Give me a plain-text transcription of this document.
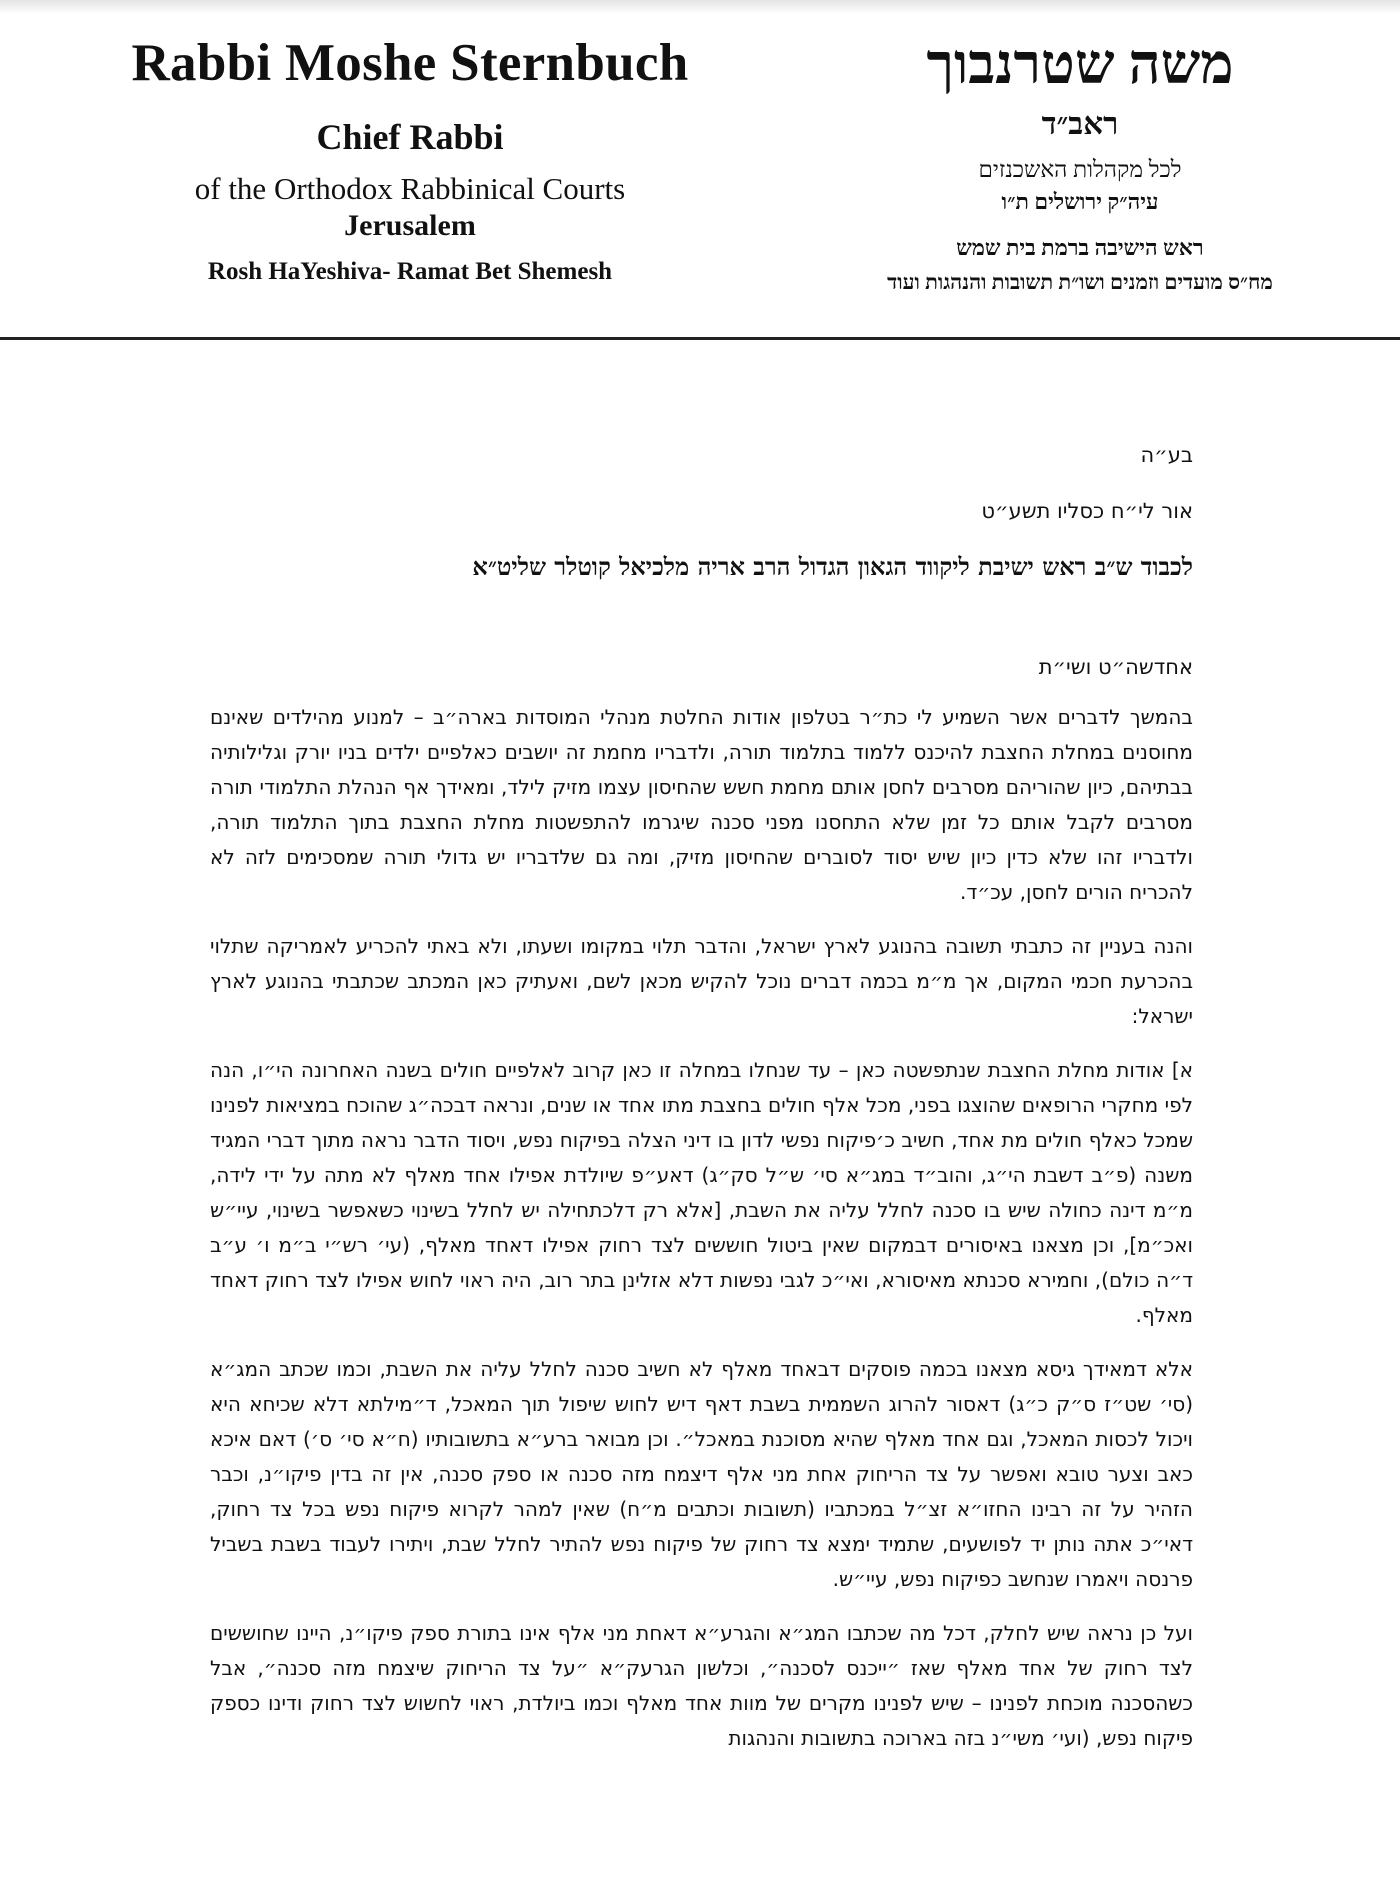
Rabbi Moshe Sternbuch
Chief Rabbi
of the Orthodox Rabbinical Courts
Jerusalem
Rosh HaYeshiva- Ramat Bet Shemesh
משה שטרנבוך
ראב״ד
לכל מקהלות האשכנזים
עיה״ק ירושלים ת״ו
ראש הישיבה ברמת בית שמש
מח״ס מועדים וזמנים ושו״ת תשובות והנהגות ועוד
בע״ה
אור לי״ח כסליו תשע״ט
לכבוד ש״ב ראש ישיבת ליקווד הגאון הגדול הרב אריה מלכיאל קוטלר שליט״א
אחדשה״ט ושי״ת

בהמשך לדברים אשר השמיע לי כת״ר בטלפון אודות החלטת מנהלי המוסדות בארה״ב – למנוע מהילדים שאינם מחוסנים במחלת החצבת להיכנס ללמוד בתלמוד תורה, ולדבריו מחמת זה יושבים כאלפיים ילדים בניו יורק וגלילותיה בבתיהם, כיון שהוריהם מסרבים לחסן אותם מחמת חשש שהחיסון עצמו מזיק לילד, ומאידך אף הנהלת התלמודי תורה מסרבים לקבל אותם כל זמן שלא התחסנו מפני סכנה שיגרמו להתפשטות מחלת החצבת בתוך התלמוד תורה, ולדבריו זהו שלא כדין כיון שיש יסוד לסוברים שהחיסון מזיק, ומה גם שלדבריו יש גדולי תורה שמסכימים לזה לא להכריח הורים לחסן, עכ״ד.

והנה בעניין זה כתבתי תשובה בהנוגע לארץ ישראל, והדבר תלוי במקומו ושעתו, ולא באתי להכריע לאמריקה שתלוי בהכרעת חכמי המקום, אך מ״מ בכמה דברים נוכל להקיש מכאן לשם, ואעתיק כאן המכתב שכתבתי בהנוגע לארץ ישראל:

א] אודות מחלת החצבת שנתפשטה כאן – עד שנחלו במחלה זו כאן קרוב לאלפיים חולים בשנה האחרונה הי״ו, הנה לפי מחקרי הרופאים שהוצגו בפני, מכל אלף חולים בחצבת מתו אחד או שנים, ונראה דבכה״ג שהוכח במציאות לפנינו שמכל כאלף חולים מת אחד, חשיב כ׳פיקוח נפשי לדון בו דיני הצלה בפיקוח נפש, ויסוד הדבר נראה מתוך דברי המגיד משנה (פ״ב דשבת הי״ג, והוב״ד במג״א סי׳ ש״ל סק״ג) דאע״פ שיולדת אפילו אחד מאלף לא מתה על ידי לידה, מ״מ דינה כחולה שיש בו סכנה לחלל עליה את השבת, [אלא רק דלכתחילה יש לחלל בשינוי כשאפשר בשינוי, עיי״ש ואכ״מ], וכן מצאנו באיסורים דבמקום שאין ביטול חוששים לצד רחוק אפילו דאחד מאלף, (עי׳ רש״י ב״מ ו׳ ע״ב ד״ה כולם), וחמירא סכנתא מאיסורא, ואי״כ לגבי נפשות דלא אזלינן בתר רוב, היה ראוי לחוש אפילו לצד רחוק דאחד מאלף.

אלא דמאידך גיסא מצאנו בכמה פוסקים דבאחד מאלף לא חשיב סכנה לחלל עליה את השבת, וכמו שכתב המג״א (סי׳ שט״ז ס״ק כ״ג) דאסור להרוג השממית בשבת דאף דיש לחוש שיפול תוך המאכל, ד״מילתא דלא שכיחא היא ויכול לכסות המאכל, וגם אחד מאלף שהיא מסוכנת במאכל״. וכן מבואר ברע״א בתשובותיו (ח״א סי׳ ס׳) דאם איכא כאב וצער טובא ואפשר על צד הריחוק אחת מני אלף דיצמח מזה סכנה או ספק סכנה, אין זה בדין פיקו״נ, וכבר הזהיר על זה רבינו החזו״א זצ״ל במכתביו (תשובות וכתבים מ״ח) שאין למהר לקרוא פיקוח נפש בכל צד רחוק, דאי״כ אתה נותן יד לפושעים, שתמיד ימצא צד רחוק של פיקוח נפש להתיר לחלל שבת, ויתירו לעבוד בשבת בשביל פרנסה ויאמרו שנחשב כפיקוח נפש, עיי״ש.

ועל כן נראה שיש לחלק, דכל מה שכתבו המג״א והגרע״א דאחת מני אלף אינו בתורת ספק פיקו״נ, היינו שחוששים לצד רחוק של אחד מאלף שאז ״ייכנס לסכנה״, וכלשון הגרעק״א ״על צד הריחוק שיצמח מזה סכנה״, אבל כשהסכנה מוכחת לפנינו – שיש לפנינו מקרים של מוות אחד מאלף וכמו ביולדת, ראוי לחשוש לצד רחוק ודינו כספק פיקוח נפש, (ועי׳ משי״נ בזה בארוכה בתשובות והנהגות
